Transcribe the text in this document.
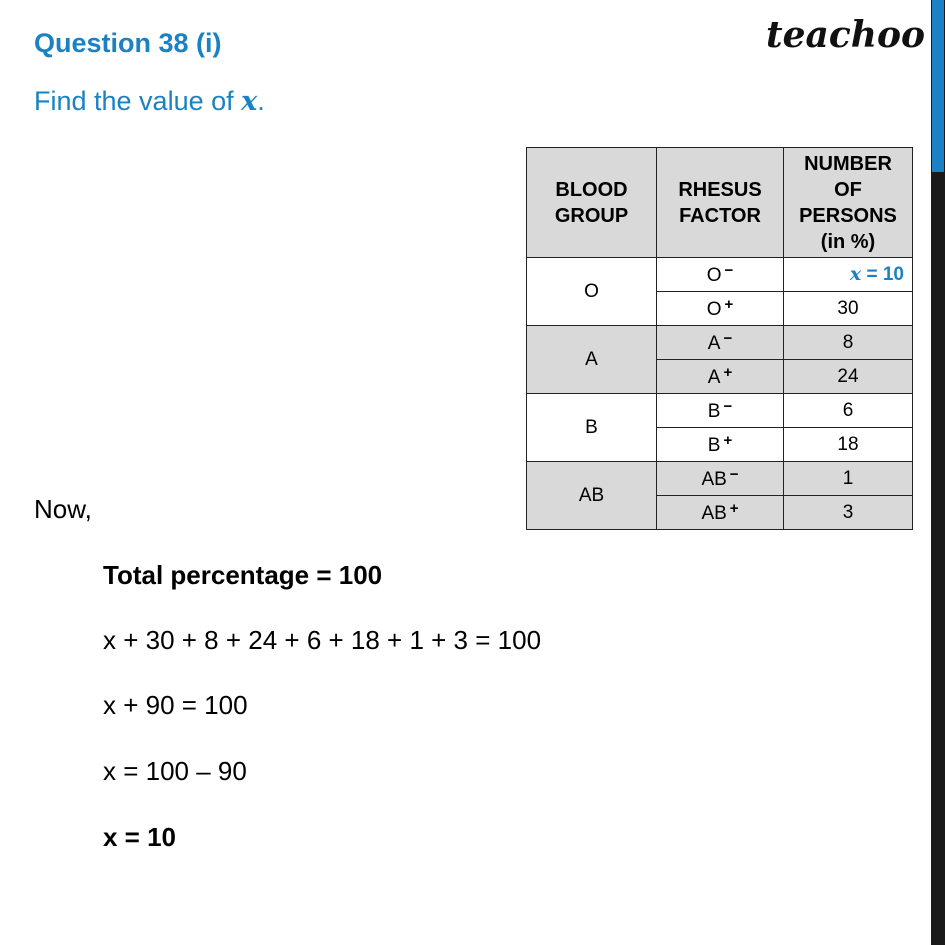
Question 38 (i)	teachoo
Find the value of x.
BLOOD GROUP	RHESUS FACTOR	NUMBER OF PERSONS (in %)

O	O −	x = 10
	O +	30
A	A −	8
	A +	24
B	B −	6
	B +	18
AB	AB −	1
	AB +	3
Now,
Total percentage = 100
x + 30 + 8 + 24 + 6 + 18 + 1 + 3 = 100
x + 90 = 100
x = 100 – 90
x = 10
